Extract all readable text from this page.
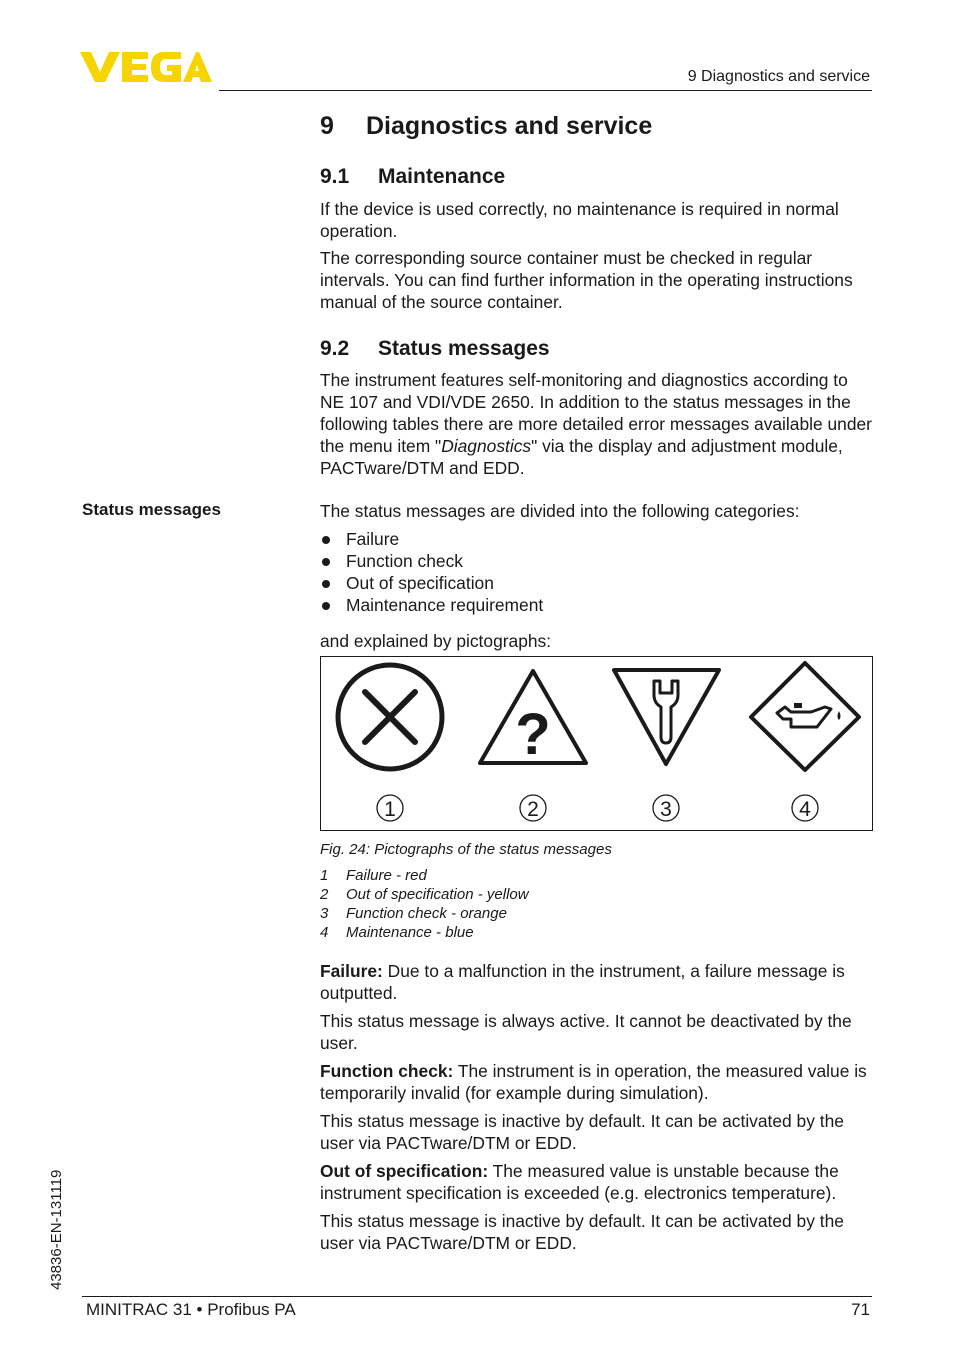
9 Diagnostics and service
9 Diagnostics and service
9.1 Maintenance

If the device is used correctly, no maintenance is required in normal operation.

The corresponding source container must be checked in regular intervals. You can find further information in the operating instructions manual of the source container.

9.2 Status messages

The instrument features self-monitoring and diagnostics according to NE 107 and VDI/VDE 2650. In addition to the status messages in the following tables there are more detailed error messages available under the menu item "Diagnostics" via the display and adjustment module, PACTware/DTM and EDD.

Status messages	The status messages are divided into the following categories:

Failure
Function check
Out of specification
Maintenance requirement

and explained by pictographs:

?
1	2	3	4
Fig. 24: Pictographs of the status messages
1	Failure - red
2	Out of specification - yellow
3	Function check - orange
4	Maintenance - blue

Failure: Due to a malfunction in the instrument, a failure message is outputted.

This status message is always active. It cannot be deactivated by the user.

Function check: The instrument is in operation, the measured value is temporarily invalid (for example during simulation).

This status message is inactive by default. It can be activated by the user via PACTware/DTM or EDD.

Out of specification: The measured value is unstable because the instrument specification is exceeded (e.g. electronics temperature).

This status message is inactive by default. It can be activated by the user via PACTware/DTM or EDD.

43836-EN-131119
MINITRAC 31 • Profibus PA	71
